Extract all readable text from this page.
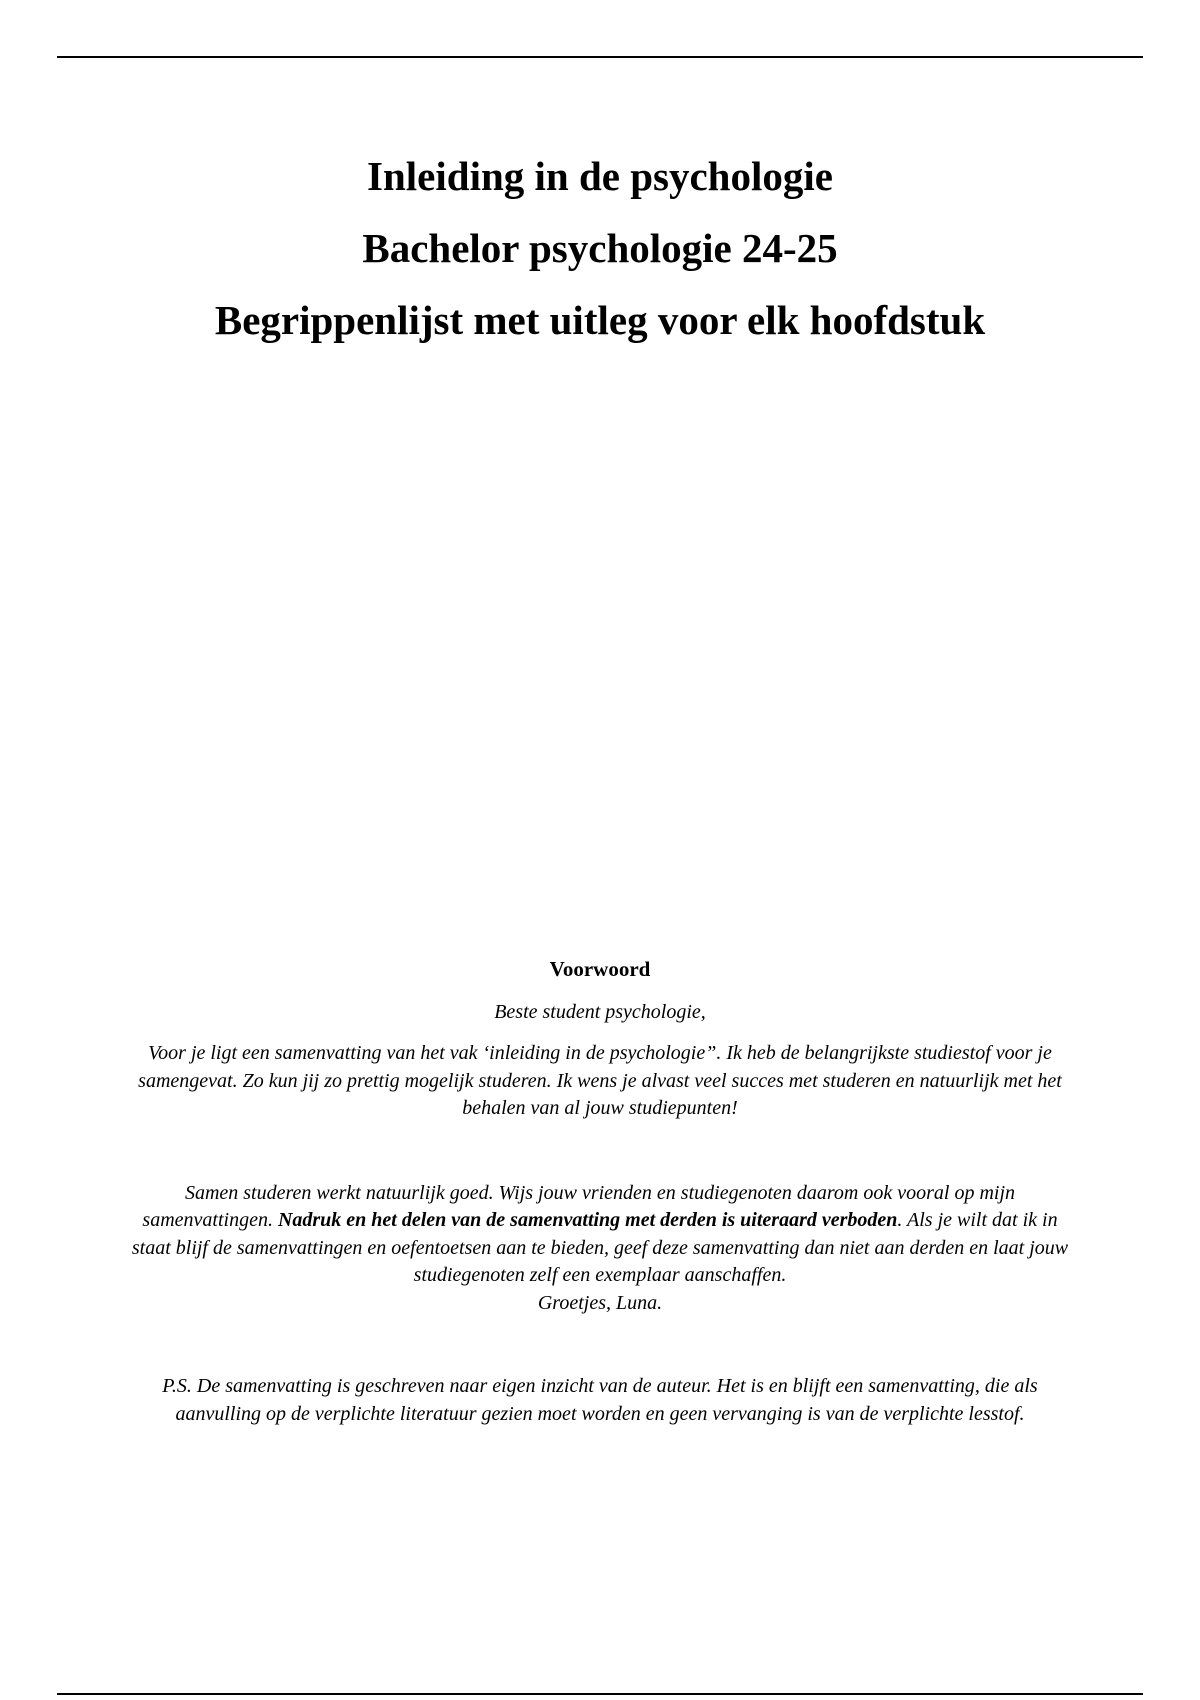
Inleiding in de psychologie

Bachelor psychologie 24-25

Begrippenlijst met uitleg voor elk hoofdstuk

Voorwoord

Beste student psychologie,

Voor je ligt een samenvatting van het vak ‘inleiding in de psychologie”. Ik heb de belangrijkste studiestof voor je samengevat. Zo kun jij zo prettig mogelijk studeren. Ik wens je alvast veel succes met studeren en natuurlijk met het behalen van al jouw studiepunten!

Samen studeren werkt natuurlijk goed. Wijs jouw vrienden en studiegenoten daarom ook vooral op mijn samenvattingen. Nadruk en het delen van de samenvatting met derden is uiteraard verboden. Als je wilt dat ik in staat blijf de samenvattingen en oefentoetsen aan te bieden, geef deze samenvatting dan niet aan derden en laat jouw studiegenoten zelf een exemplaar aanschaffen.
Groetjes, Luna.

P.S. De samenvatting is geschreven naar eigen inzicht van de auteur. Het is en blijft een samenvatting, die als aanvulling op de verplichte literatuur gezien moet worden en geen vervanging is van de verplichte lesstof.
